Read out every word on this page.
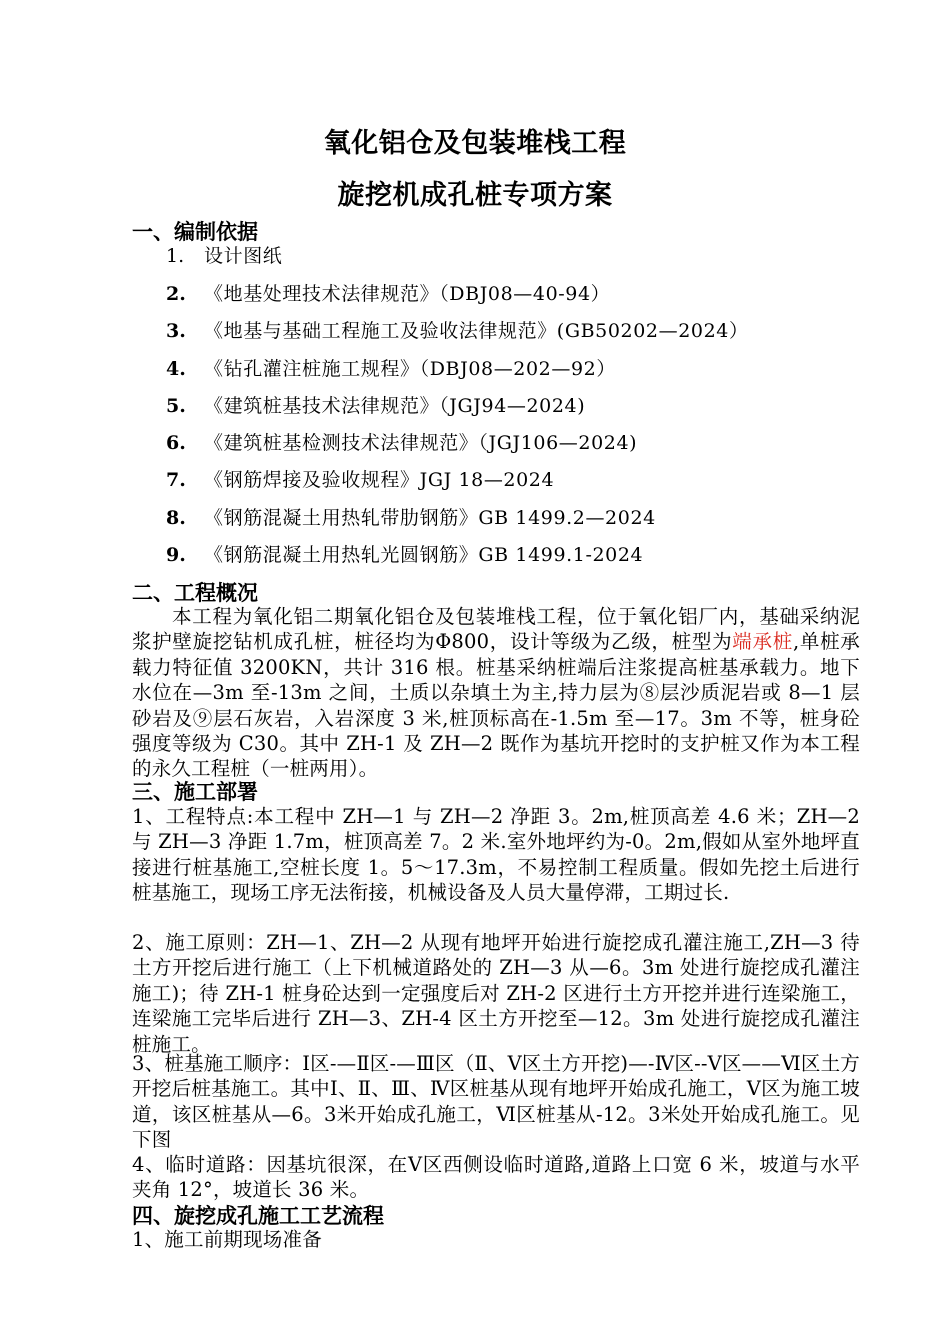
氧化铝仓及包装堆栈工程
旋挖机成孔桩专项方案
一、编制依据
1. 设计图纸
2. 《地基处理技术法律规范》（DBJ08—40-94）
3. 《地基与基础工程施工及验收法律规范》(GB50202—2024）
4. 《钻孔灌注桩施工规程》（DBJ08—202—92）
5. 《建筑桩基技术法律规范》（JGJ94—2024)
6. 《建筑桩基检测技术法律规范》（JGJ106—2024)
7. 《钢筋焊接及验收规程》JGJ 18—2024
8. 《钢筋混凝土用热轧带肋钢筋》GB 1499.2—2024
9. 《钢筋混凝土用热轧光圆钢筋》GB 1499.1-2024
二、工程概况
本工程为氧化铝二期氧化铝仓及包装堆栈工程，位于氧化铝厂内，基础采纳泥浆护壁旋挖钻机成孔桩，桩径均为Φ800，设计等级为乙级，桩型为端承桩,单桩承载力特征值 3200KN，共计 316 根。桩基采纳桩端后注浆提高桩基承载力。地下水位在—3m 至-13m 之间，土质以杂填土为主,持力层为⑧层沙质泥岩或 8—1 层砂岩及⑨层石灰岩，入岩深度 3 米,桩顶标高在-1.5m 至—17。3m 不等，桩身砼强度等级为 C30。其中 ZH-1 及 ZH—2 既作为基坑开挖时的支护桩又作为本工程的永久工程桩（一桩两用）。
三、施工部署
1、工程特点:本工程中 ZH—1 与 ZH—2 净距 3。2m,桩顶高差 4.6 米；ZH—2 与 ZH—3 净距 1.7m，桩顶高差 7。2 米.室外地坪约为-0。2m,假如从室外地坪直接进行桩基施工,空桩长度 1。5～17.3m，不易控制工程质量。假如先挖土后进行桩基施工，现场工序无法衔接，机械设备及人员大量停滞，工期过长.
2、施工原则：ZH—1、ZH—2 从现有地坪开始进行旋挖成孔灌注施工,ZH—3 待土方开挖后进行施工（上下机械道路处的 ZH—3 从—6。3m 处进行旋挖成孔灌注施工)；待 ZH-1 桩身砼达到一定强度后对 ZH-2 区进行土方开挖并进行连梁施工，连梁施工完毕后进行 ZH—3、ZH-4 区土方开挖至—12。3m 处进行旋挖成孔灌注桩施工。
3、桩基施工顺序：Ⅰ区-—Ⅱ区-—Ⅲ区（Ⅱ、Ⅴ区土方开挖)—-Ⅳ区--Ⅴ区——Ⅵ区土方开挖后桩基施工。其中Ⅰ、Ⅱ、Ⅲ、Ⅳ区桩基从现有地坪开始成孔施工，Ⅴ区为施工坡道，该区桩基从—6。3米开始成孔施工，Ⅵ区桩基从-12。3米处开始成孔施工。见下图
4、临时道路：因基坑很深，在Ⅴ区西侧设临时道路,道路上口宽 6 米，坡道与水平夹角 12°，坡道长 36 米。
四、旋挖成孔施工工艺流程
1、施工前期现场准备
